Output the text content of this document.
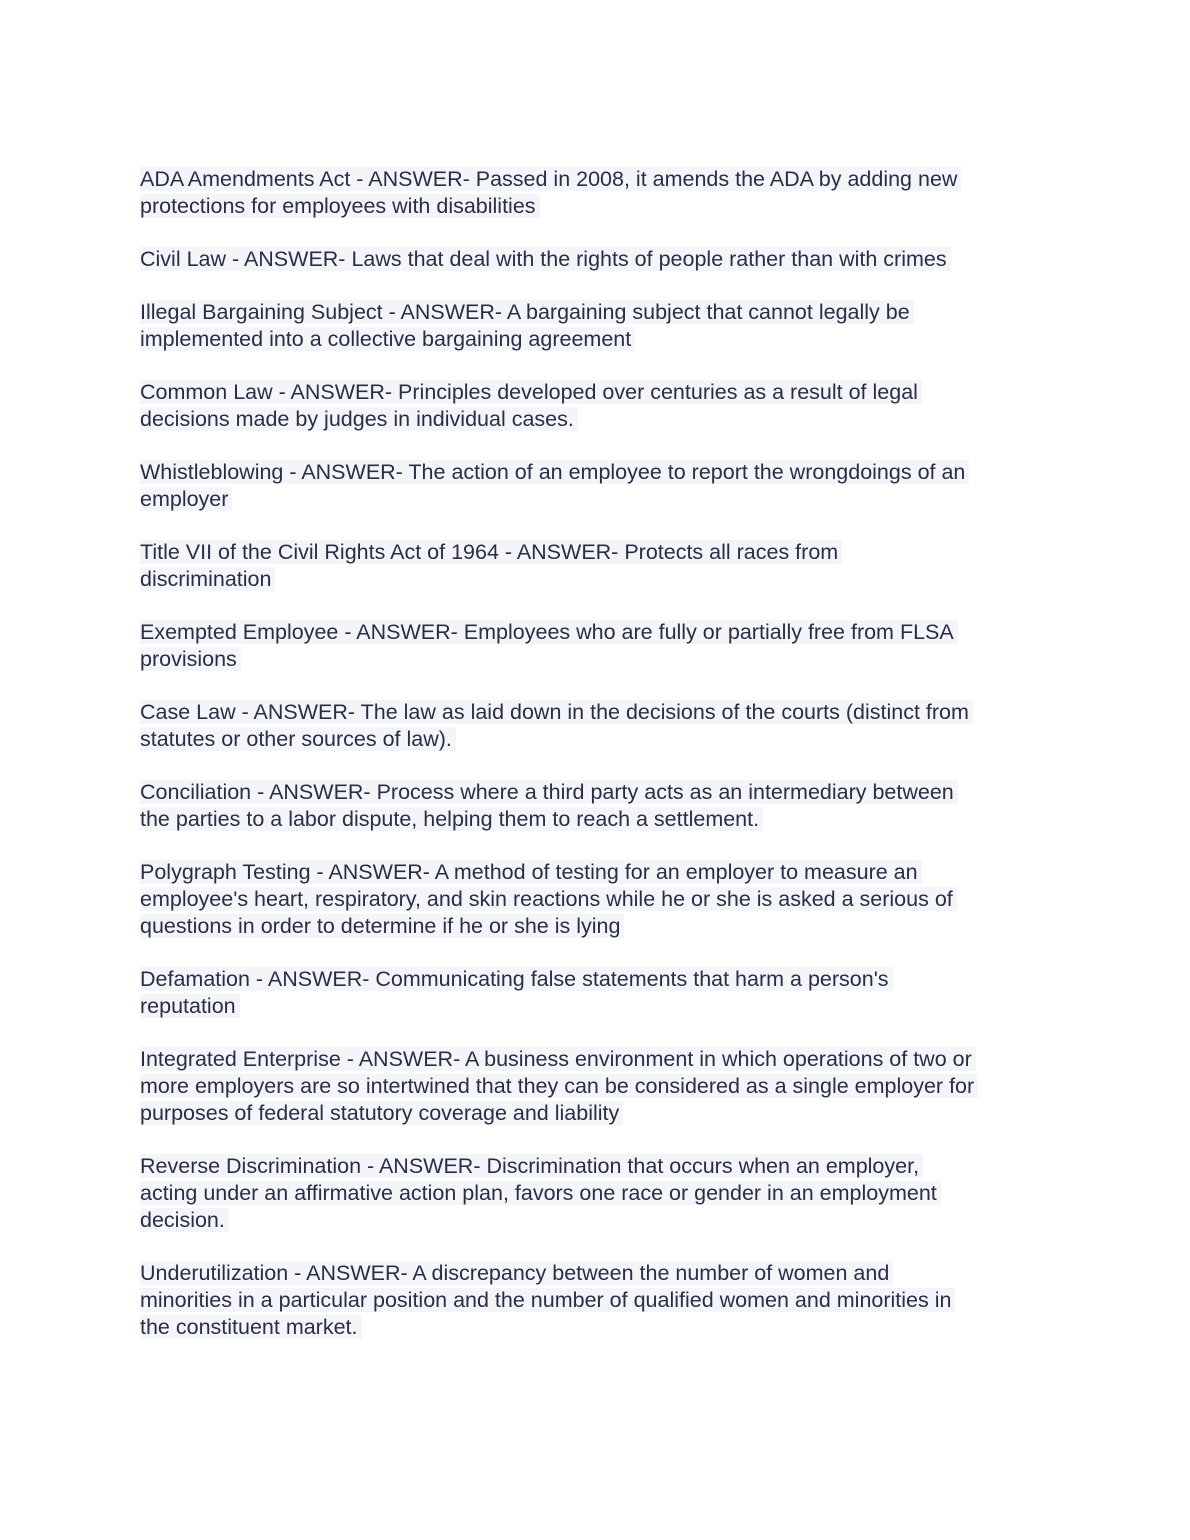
ADA Amendments Act - ANSWER- Passed in 2008, it amends the ADA by adding new
protections for employees with disabilities
Civil Law - ANSWER- Laws that deal with the rights of people rather than with crimes
Illegal Bargaining Subject - ANSWER- A bargaining subject that cannot legally be
implemented into a collective bargaining agreement
Common Law - ANSWER- Principles developed over centuries as a result of legal
decisions made by judges in individual cases.
Whistleblowing - ANSWER- The action of an employee to report the wrongdoings of an
employer
Title VII of the Civil Rights Act of 1964 - ANSWER- Protects all races from
discrimination
Exempted Employee - ANSWER- Employees who are fully or partially free from FLSA
provisions
Case Law - ANSWER- The law as laid down in the decisions of the courts (distinct from
statutes or other sources of law).
Conciliation - ANSWER- Process where a third party acts as an intermediary between
the parties to a labor dispute, helping them to reach a settlement.
Polygraph Testing - ANSWER- A method of testing for an employer to measure an
employee's heart, respiratory, and skin reactions while he or she is asked a serious of
questions in order to determine if he or she is lying
Defamation - ANSWER- Communicating false statements that harm a person's
reputation
Integrated Enterprise - ANSWER- A business environment in which operations of two or
more employers are so intertwined that they can be considered as a single employer for
purposes of federal statutory coverage and liability
Reverse Discrimination - ANSWER- Discrimination that occurs when an employer,
acting under an affirmative action plan, favors one race or gender in an employment
decision.
Underutilization - ANSWER- A discrepancy between the number of women and
minorities in a particular position and the number of qualified women and minorities in
the constituent market.
